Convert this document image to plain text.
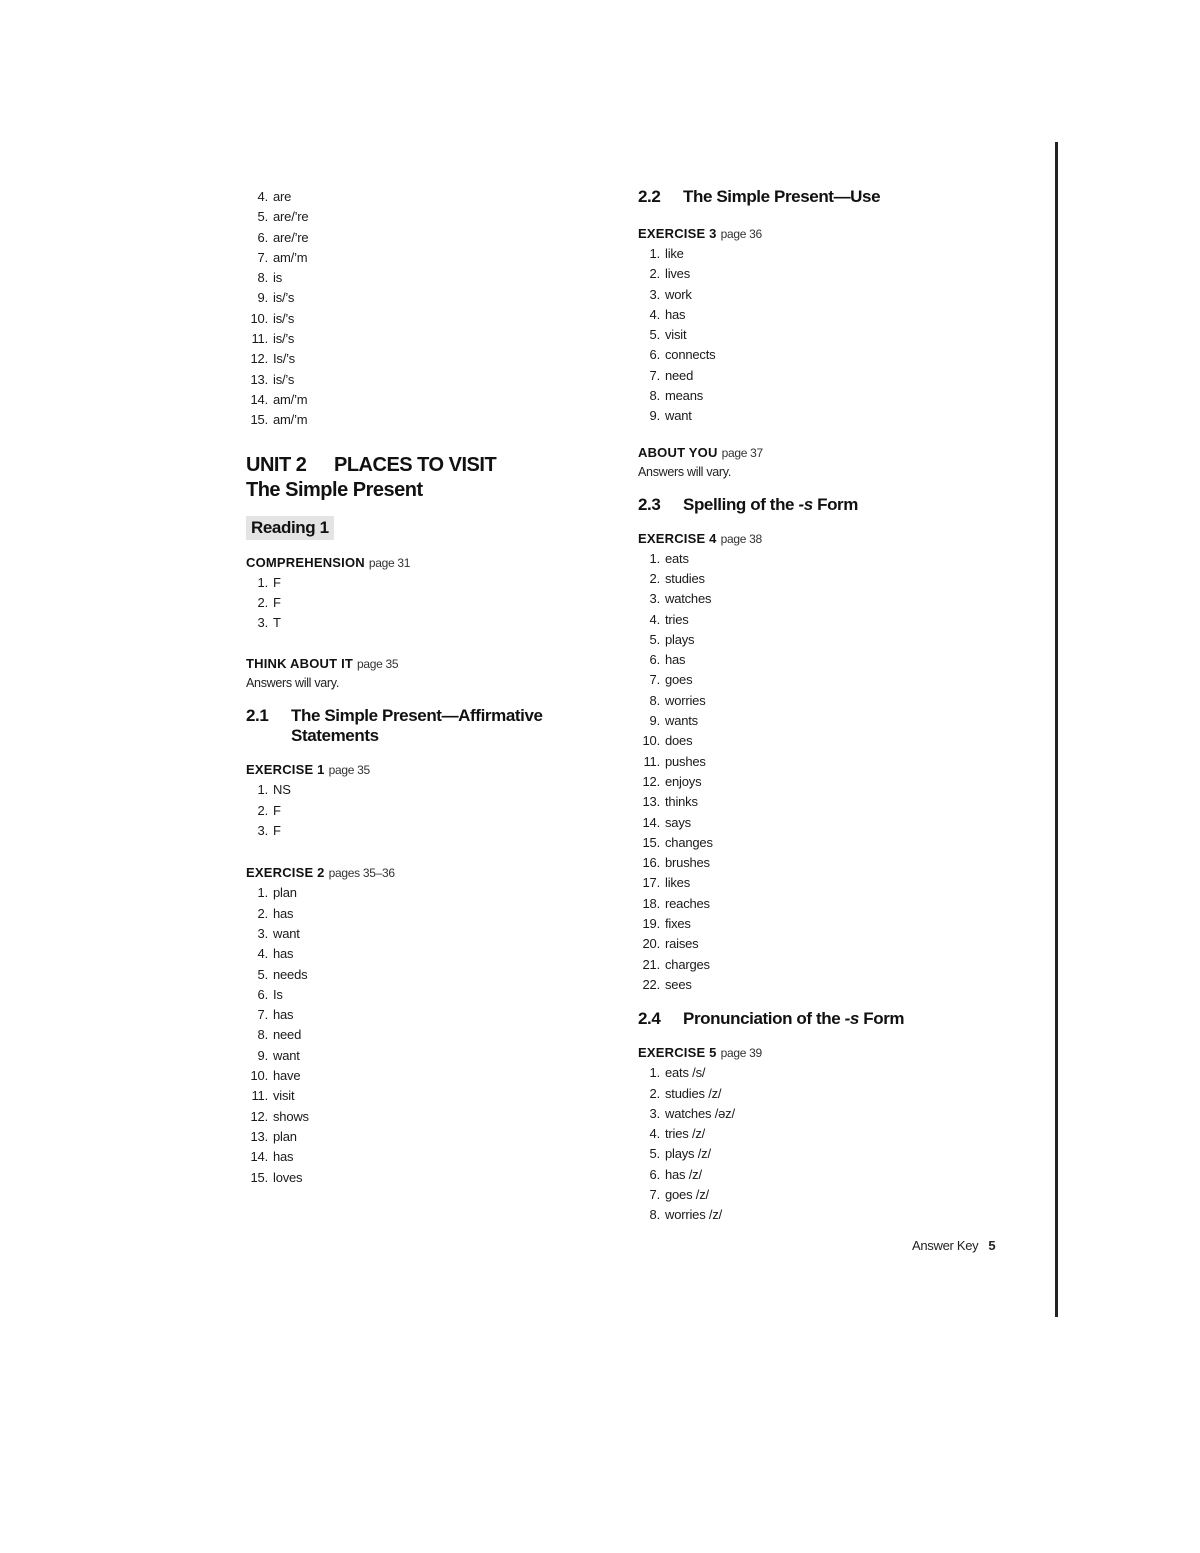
4. are
5. are/’re
6. are/’re
7. am/’m
8. is
9. is/’s
10. is/’s
11. is/’s
12. Is/’s
13. is/’s
14. am/’m
15. am/’m
UNIT 2 PLACES TO VISIT
The Simple Present
Reading 1
COMPREHENSION page 31
1. F
2. F
3. T
THINK ABOUT IT page 35
Answers will vary.
2.1	The Simple Present—Affirmative Statements
EXERCISE 1 page 35
1. NS
2. F
3. F
EXERCISE 2 pages 35–36
1. plan
2. has
3. want
4. has
5. needs
6. Is
7. has
8. need
9. want
10. have
11. visit
12. shows
13. plan
14. has
15. loves
2.2	The Simple Present—Use
EXERCISE 3 page 36
1. like
2. lives
3. work
4. has
5. visit
6. connects
7. need
8. means
9. want
ABOUT YOU page 37
Answers will vary.
2.3	Spelling of the -s Form
EXERCISE 4 page 38
1. eats
2. studies
3. watches
4. tries
5. plays
6. has
7. goes
8. worries
9. wants
10. does
11. pushes
12. enjoys
13. thinks
14. says
15. changes
16. brushes
17. likes
18. reaches
19. fixes
20. raises
21. charges
22. sees
2.4	Pronunciation of the -s Form
EXERCISE 5 page 39
1. eats /s/
2. studies /z/
3. watches /əz/
4. tries /z/
5. plays /z/
6. has /z/
7. goes /z/
8. worries /z/
Answer Key 5
